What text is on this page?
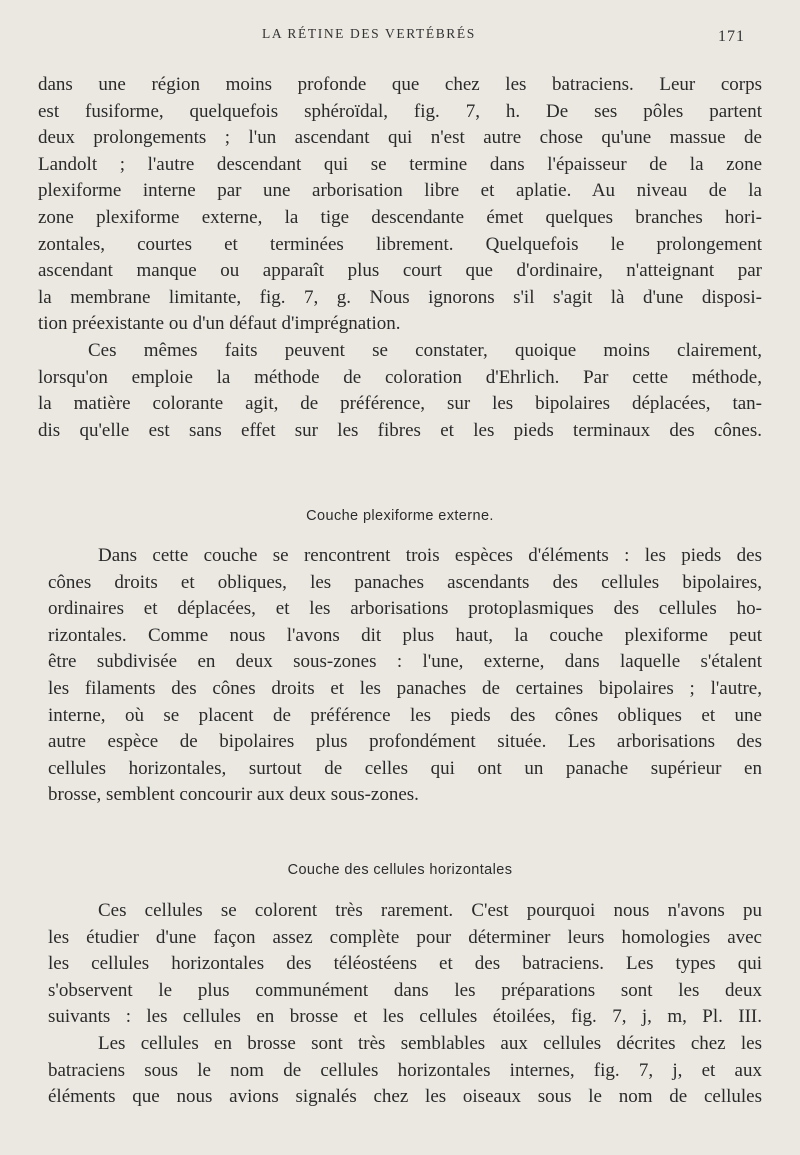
LA RÉTINE DES VERTÉBRÉS	171

dans une région moins profonde que chez les batraciens. Leur corps
est fusiforme, quelquefois sphéroïdal, fig. 7, h. De ses pôles partent
deux prolongements ; l'un ascendant qui n'est autre chose qu'une massue de
Landolt ; l'autre descendant qui se termine dans l'épaisseur de la zone
plexiforme interne par une arborisation libre et aplatie. Au niveau de la
zone plexiforme externe, la tige descendante émet quelques branches hori-
zontales, courtes et terminées librement. Quelquefois le prolongement
ascendant manque ou apparaît plus court que d'ordinaire, n'atteignant par
la membrane limitante, fig. 7, g. Nous ignorons s'il s'agit là d'une disposi-
tion préexistante ou d'un défaut d'imprégnation.

Ces mêmes faits peuvent se constater, quoique moins clairement,
lorsqu'on emploie la méthode de coloration d'Ehrlich. Par cette méthode,
la matière colorante agit, de préférence, sur les bipolaires déplacées, tan-
dis qu'elle est sans effet sur les fibres et les pieds terminaux des cônes.

Couche plexiforme externe.

Dans cette couche se rencontrent trois espèces d'éléments : les pieds des
cônes droits et obliques, les panaches ascendants des cellules bipolaires,
ordinaires et déplacées, et les arborisations protoplasmiques des cellules ho-
rizontales. Comme nous l'avons dit plus haut, la couche plexiforme peut
être subdivisée en deux sous-zones : l'une, externe, dans laquelle s'étalent
les filaments des cônes droits et les panaches de certaines bipolaires ; l'autre,
interne, où se placent de préférence les pieds des cônes obliques et une
autre espèce de bipolaires plus profondément située. Les arborisations des
cellules horizontales, surtout de celles qui ont un panache supérieur en
brosse, semblent concourir aux deux sous-zones.

Couche des cellules horizontales

Ces cellules se colorent très rarement. C'est pourquoi nous n'avons pu
les étudier d'une façon assez complète pour déterminer leurs homologies avec
les cellules horizontales des téléostéens et des batraciens. Les types qui
s'observent le plus communément dans les préparations sont les deux
suivants : les cellules en brosse et les cellules étoilées, fig. 7, j, m, Pl. III.

Les cellules en brosse sont très semblables aux cellules décrites chez les
batraciens sous le nom de cellules horizontales internes, fig. 7, j, et aux
éléments que nous avions signalés chez les oiseaux sous le nom de cellules
